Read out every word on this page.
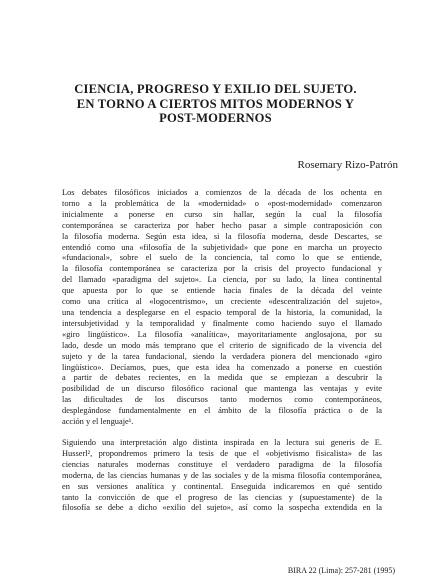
CIENCIA, PROGRESO Y EXILIO DEL SUJETO.
EN TORNO A CIERTOS MITOS MODERNOS Y
POST-MODERNOS
Rosemary Rizo-Patrón
Los debates filosóficos iniciados a comienzos de la década de los ochenta en
torno a la problemática de la «modernidad» o «post-modernidad» comenzaron
inicialmente a ponerse en curso sin hallar, según la cual la filosofía
contemporánea se caracteriza por haber hecho pasar a simple contraposición con
la filosofía moderna. Según esta idea, si la filosofía moderna, desde Descartes, se
entendió como una «filosofía de la subjetividad» que pone en marcha un proyecto
«fundacional», sobre el suelo de la conciencia, tal como lo que se entiende,
la filosofía contemporánea se caracteriza por la crisis del proyecto fundacional y
del llamado «paradigma del sujeto». La ciencia, por su lado, la línea continental
que apuesta por lo que se entiende hacia finales de la década del veinte
como una crítica al «logocentrismo», un creciente «descentralización del sujeto»,
una tendencia a desplegarse en el espacio temporal de la historia, la comunidad, la
intersubjetividad y la temporalidad y finalmente como haciendo suyo el llamado
«giro lingüístico». La filosofía «analítica», mayoritariamente anglosajona, por su
lado, desde un modo más temprano que el criterio de significado de la vivencia del
sujeto y de la tarea fundacional, siendo la verdadera pionera del mencionado «giro
lingüístico». Decíamos, pues, que esta idea ha comenzado a ponerse en cuestión
a partir de debates recientes, en la medida que se empiezan a descubrir la
posibilidad de un discurso filosófico racional que mantenga las ventajas y evite
las dificultades de los discursos tanto modernos como contemporáneos,
desplegándose fundamentalmente en el ámbito de la filosofía práctica o de la
acción y el lenguaje¹.
Siguiendo una interpretación algo distinta inspirada en la lectura sui generis de E.
Husserl², propondremos primero la tesis de que el «objetivismo fisicalista» de las
ciencias naturales modernas constituye el verdadero paradigma de la filosofía
moderna, de las ciencias humanas y de las sociales y de la misma filosofía contemporánea,
en sus versiones analítica y continental. Enseguida indicaremos en qué sentido
tanto la convicción de que el progreso de las ciencias y (supuestamente) de la
filosofía se debe a dicho «exilio del sujeto», así como la sospecha extendida en la
BIRA 22 (Lima): 257-281 (1995)
